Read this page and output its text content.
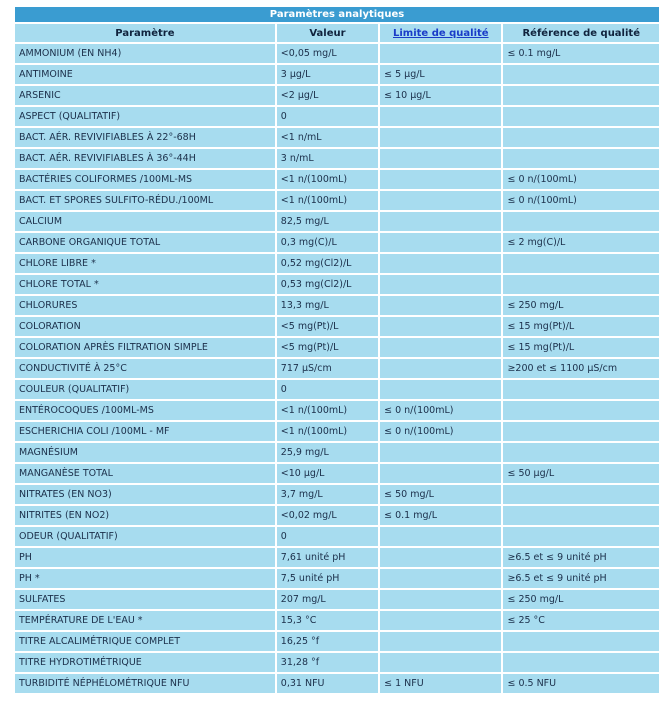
Paramètres analytiques			
Paramètre	Valeur	Limite de qualité	Référence de qualité
AMMONIUM (EN NH4)	<0,05 mg/L		≤ 0.1 mg/L
ANTIMOINE	3 µg/L	≤ 5 µg/L	
ARSENIC	<2 µg/L	≤ 10 µg/L	
ASPECT (QUALITATIF)	0		
BACT. AÉR. REVIVIFIABLES À 22°-68H	<1 n/mL		
BACT. AÉR. REVIVIFIABLES À 36°-44H	3 n/mL		
BACTÉRIES COLIFORMES /100ML-MS	<1 n/(100mL)		≤ 0 n/(100mL)
BACT. ET SPORES SULFITO-RÉDU./100ML	<1 n/(100mL)		≤ 0 n/(100mL)
CALCIUM	82,5 mg/L		
CARBONE ORGANIQUE TOTAL	0,3 mg(C)/L		≤ 2 mg(C)/L
CHLORE LIBRE *	0,52 mg(Cl2)/L		
CHLORE TOTAL *	0,53 mg(Cl2)/L		
CHLORURES	13,3 mg/L		≤ 250 mg/L
COLORATION	<5 mg(Pt)/L		≤ 15 mg(Pt)/L
COLORATION APRÈS FILTRATION SIMPLE	<5 mg(Pt)/L		≤ 15 mg(Pt)/L
CONDUCTIVITÉ À 25°C	717 µS/cm		≥200 et ≤ 1100 µS/cm
COULEUR (QUALITATIF)	0		
ENTÉROCOQUES /100ML-MS	<1 n/(100mL)	≤ 0 n/(100mL)	
ESCHERICHIA COLI /100ML - MF	<1 n/(100mL)	≤ 0 n/(100mL)	
MAGNÉSIUM	25,9 mg/L		
MANGANÈSE TOTAL	<10 µg/L		≤ 50 µg/L
NITRATES (EN NO3)	3,7 mg/L	≤ 50 mg/L	
NITRITES (EN NO2)	<0,02 mg/L	≤ 0.1 mg/L	
ODEUR (QUALITATIF)	0		
PH	7,61 unité pH		≥6.5 et ≤ 9 unité pH
PH *	7,5 unité pH		≥6.5 et ≤ 9 unité pH
SULFATES	207 mg/L		≤ 250 mg/L
TEMPÉRATURE DE L'EAU *	15,3 °C		≤ 25 °C
TITRE ALCALIMÉTRIQUE COMPLET	16,25 °f		
TITRE HYDROTIMÉTRIQUE	31,28 °f		
TURBIDITÉ NÉPHÉLOMÉTRIQUE NFU	0,31 NFU	≤ 1 NFU	≤ 0.5 NFU
